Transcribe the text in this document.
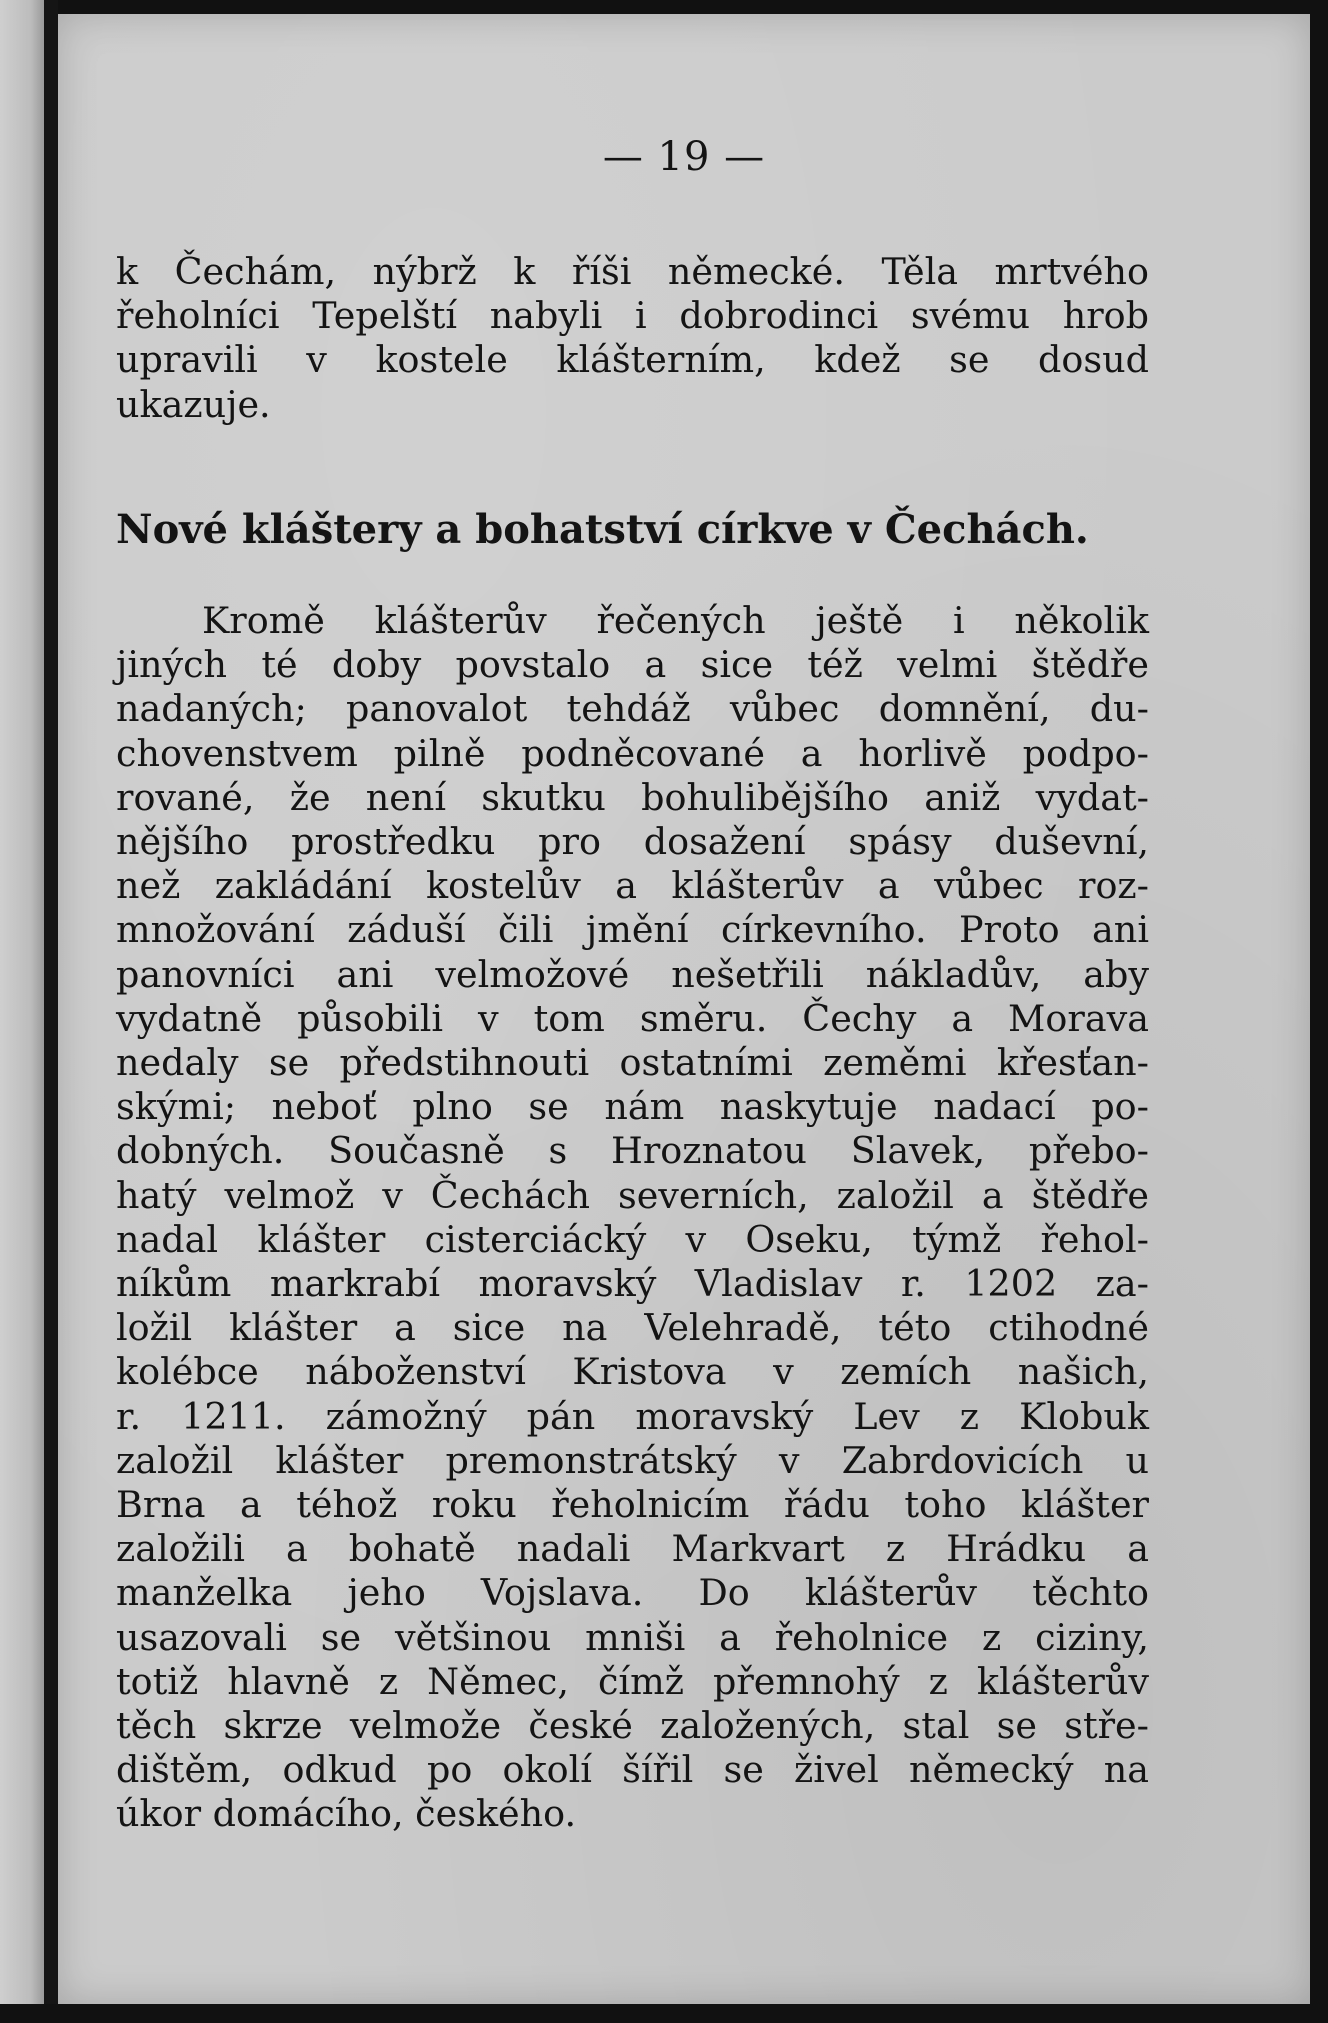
— 19 —
k Čechám, nýbrž k říši německé. Těla mrtvého
řeholníci Tepelští nabyli i dobrodinci svému hrob
upravili v kostele klášterním, kdež se dosud
ukazuje.
Nové kláštery a bohatství církve v Čechách.
Kromě klášterův řečených ještě i několik
jiných té doby povstalo a sice též velmi štědře
nadaných; panovalot tehdáž vůbec domnění, du-
chovenstvem pilně podněcované a horlivě podpo-
rované, že není skutku bohulibějšího aniž vydat-
nějšího prostředku pro dosažení spásy duševní,
než zakládání kostelův a klášterův a vůbec roz-
množování záduší čili jmění církevního. Proto ani
panovníci ani velmožové nešetřili nákladův, aby
vydatně působili v tom směru. Čechy a Morava
nedaly se předstihnouti ostatními zeměmi křesťan-
skými; neboť plno se nám naskytuje nadací po-
dobných. Současně s Hroznatou Slavek, přebo-
hatý velmož v Čechách severních, založil a štědře
nadal klášter cisterciácký v Oseku, týmž řehol-
níkům markrabí moravský Vladislav r. 1202 za-
ložil klášter a sice na Velehradě, této ctihodné
kolébce náboženství Kristova v zemích našich,
r. 1211. zámožný pán moravský Lev z Klobuk
založil klášter premonstrátský v Zabrdovicích u
Brna a téhož roku řeholnicím řádu toho klášter
založili a bohatě nadali Markvart z Hrádku a
manželka jeho Vojslava. Do klášterův těchto
usazovali se většinou mniši a řeholnice z ciziny,
totiž hlavně z Němec, čímž přemnohý z klášterův
těch skrze velmože české založených, stal se stře-
dištěm, odkud po okolí šířil se živel německý na
úkor domácího, českého.
